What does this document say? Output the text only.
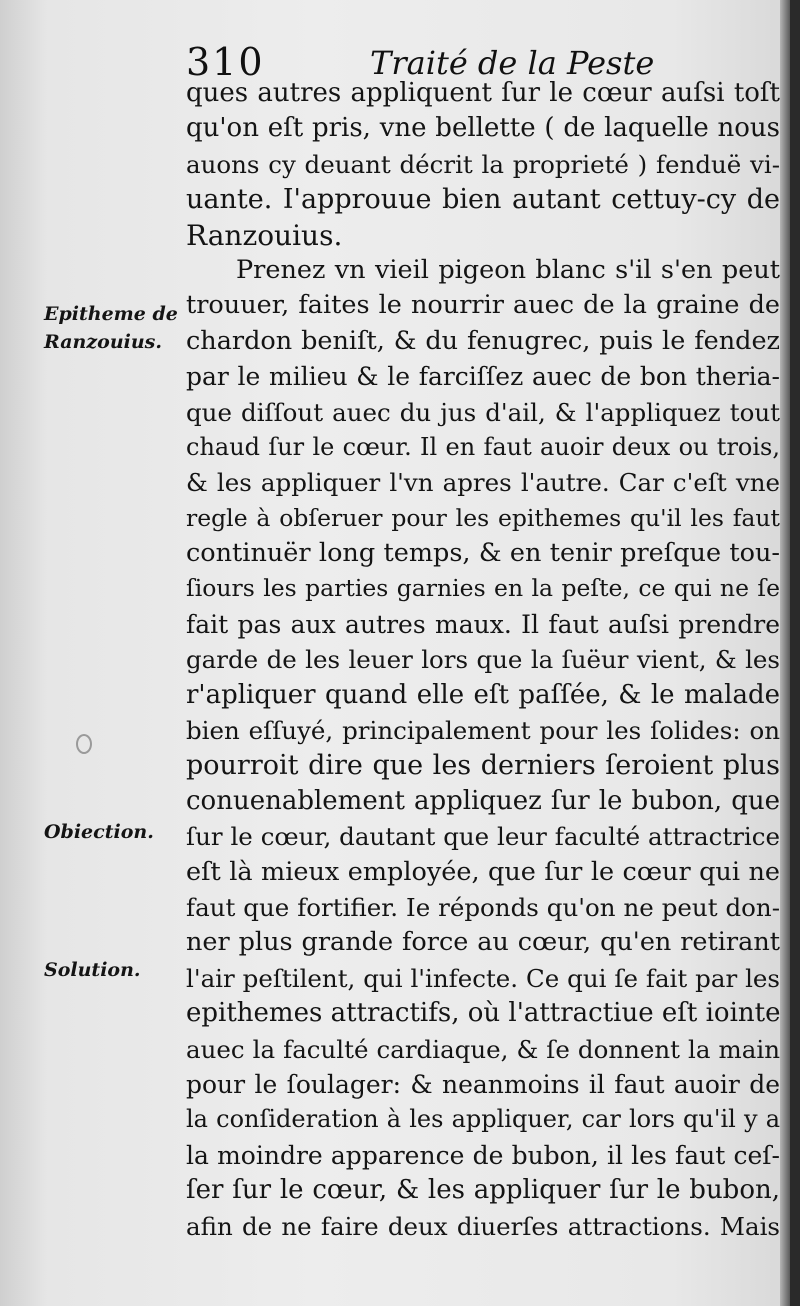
310	Traité de la Peste
Epitheme de
Ranzouius.
Obiection.
Solution.
ques autres appliquent ſur le cœur auſsi toſt
qu'on eſt pris, vne bellette ( de laquelle nous
auons cy deuant décrit la proprieté ) fenduë vi-
uante. I'approuue bien autant cettuy-cy de
Ranzouius.
Prenez vn vieil pigeon blanc s'il s'en peut
trouuer, faites le nourrir auec de la graine de
chardon beniſt, & du fenugrec, puis le fendez
par le milieu & le farciſſez auec de bon theria-
que diſſout auec du jus d'ail, & l'appliquez tout
chaud ſur le cœur. Il en faut auoir deux ou trois,
& les appliquer l'vn apres l'autre. Car c'eſt vne
regle à obſeruer pour les epithemes qu'il les faut
continuër long temps, & en tenir preſque tou-
ſiours les parties garnies en la peſte, ce qui ne ſe
fait pas aux autres maux. Il faut auſsi prendre
garde de les leuer lors que la ſuëur vient, & les
r'apliquer quand elle eſt paſſée, & le malade
bien eſſuyé, principalement pour les ſolides: on
pourroit dire que les derniers ſeroient plus
conuenablement appliquez ſur le bubon, que
ſur le cœur, dautant que leur faculté attractrice
eſt là mieux employée, que ſur le cœur qui ne
faut que fortifier. Ie réponds qu'on ne peut don-
ner plus grande force au cœur, qu'en retirant
l'air peſtilent, qui l'infecte. Ce qui ſe fait par les
epithemes attractifs, où l'attractiue eſt iointe
auec la faculté cardiaque, & ſe donnent la main
pour le ſoulager: & neanmoins il faut auoir de
la conſideration à les appliquer, car lors qu'il y a
la moindre apparence de bubon, il les faut ceſ-
ſer ſur le cœur, & les appliquer ſur le bubon,
afin de ne faire deux diuerſes attractions. Mais
